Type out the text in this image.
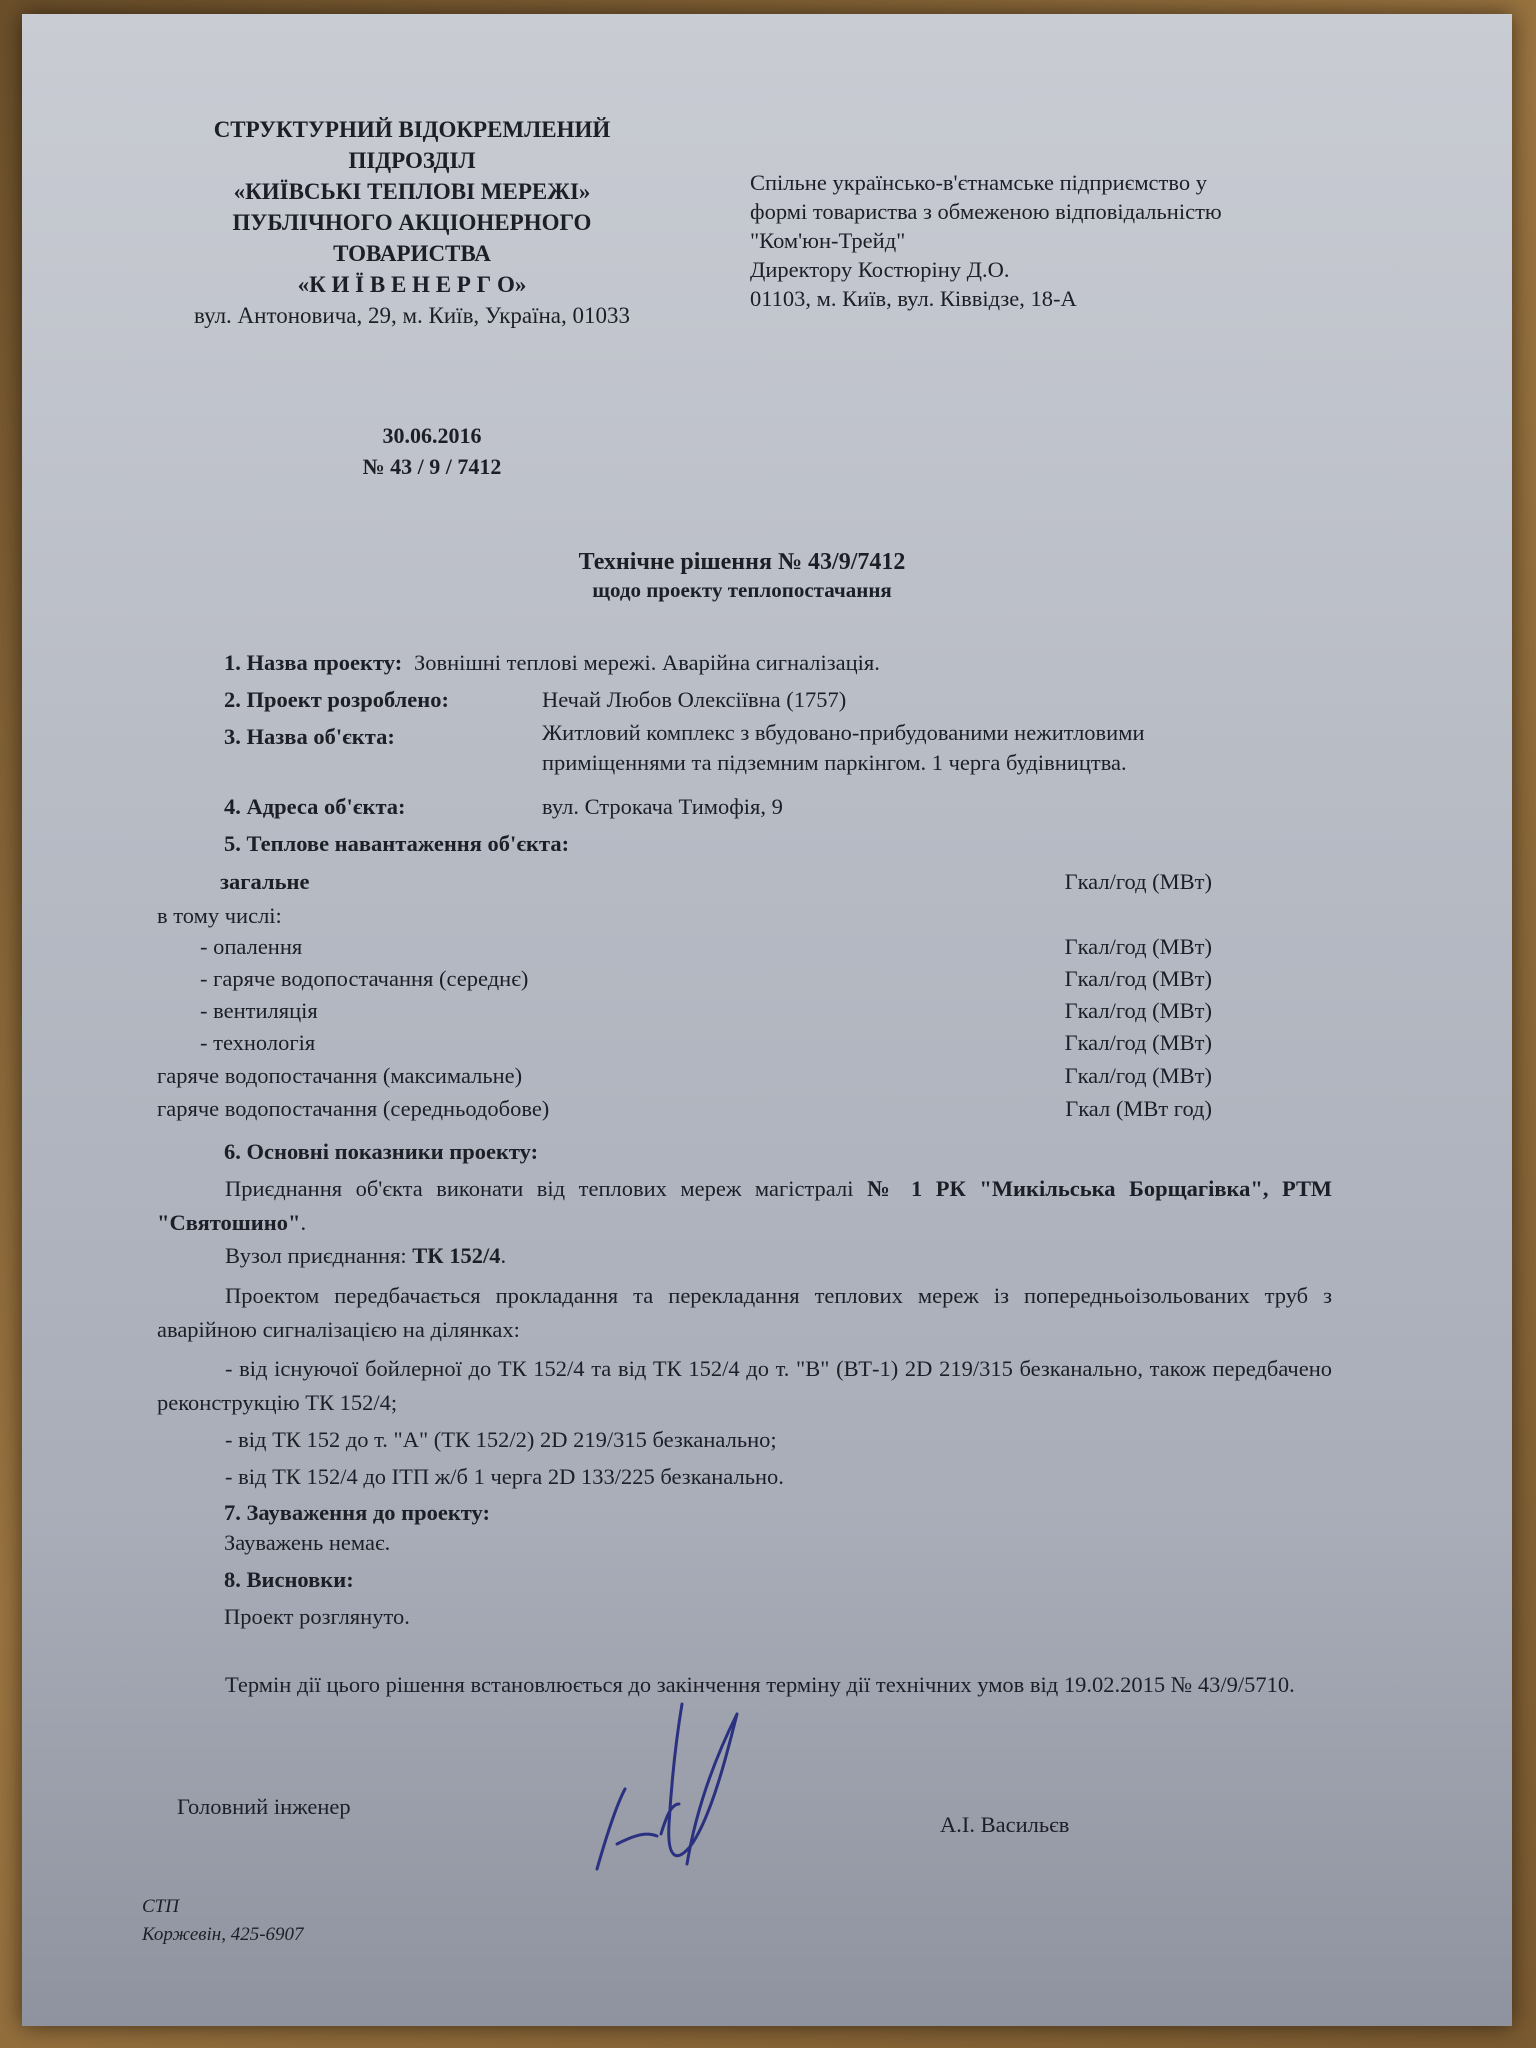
СТРУКТУРНИЙ ВІДОКРЕМЛЕНИЙ
ПІДРОЗДІЛ
«КИЇВСЬКІ ТЕПЛОВІ МЕРЕЖІ»
ПУБЛІЧНОГО АКЦІОНЕРНОГО
ТОВАРИСТВА
«К И Ї В Е Н Е Р Г О»
вул. Антоновича, 29, м. Київ, Україна, 01033
Спільне українсько-в'єтнамське підприємство у
формі товариства з обмеженою відповідальністю
"Ком'юн-Трейд"
Директору Костюріну Д.О.
01103, м. Київ, вул. Ківвідзе, 18-А
30.06.2016
№ 43 / 9 / 7412
Технічне рішення № 43/9/7412
щодо проекту теплопостачання
1. Назва проекту: Зовнішні теплові мережі. Аварійна сигналізація.
2. Проект розроблено:	Нечай Любов Олексіївна (1757)
3. Назва об'єкта:	Житловий комплекс з вбудовано-прибудованими нежитловими
приміщеннями та підземним паркінгом. 1 черга будівництва.
4. Адреса об'єкта:	вул. Строкача Тимофія, 9
5. Теплове навантаження об'єкта:
загальне	Гкал/год (МВт)
в тому числі:
- опалення	Гкал/год (МВт)
- гаряче водопостачання (середнє)	Гкал/год (МВт)
- вентиляція	Гкал/год (МВт)
- технологія	Гкал/год (МВт)
гаряче водопостачання (максимальне)	Гкал/год (МВт)
гаряче водопостачання (середньодобове)	Гкал (МВт год)
6. Основні показники проекту:
Приєднання об'єкта виконати від теплових мереж магістралі № 1 РК "Микільська Борщагівка", РТМ "Святошино".
Вузол приєднання: ТК 152/4.
Проектом передбачається прокладання та перекладання теплових мереж із попередньоізольованих труб з аварійною сигналізацією на ділянках:
- від існуючої бойлерної до ТК 152/4 та від ТК 152/4 до т. "В" (ВТ-1) 2D 219/315 безканально, також передбачено реконструкцію ТК 152/4;
- від ТК 152 до т. "А" (ТК 152/2) 2D 219/315 безканально;
- від ТК 152/4 до ІТП ж/б 1 черга 2D 133/225 безканально.
7. Зауваження до проекту:
Зауважень немає.
8. Висновки:
Проект розглянуто.
Термін дії цього рішення встановлюється до закінчення терміну дії технічних умов від 19.02.2015 № 43/9/5710.
Головний інженер
А.І. Васильєв
СТП
Коржевін, 425-6907
